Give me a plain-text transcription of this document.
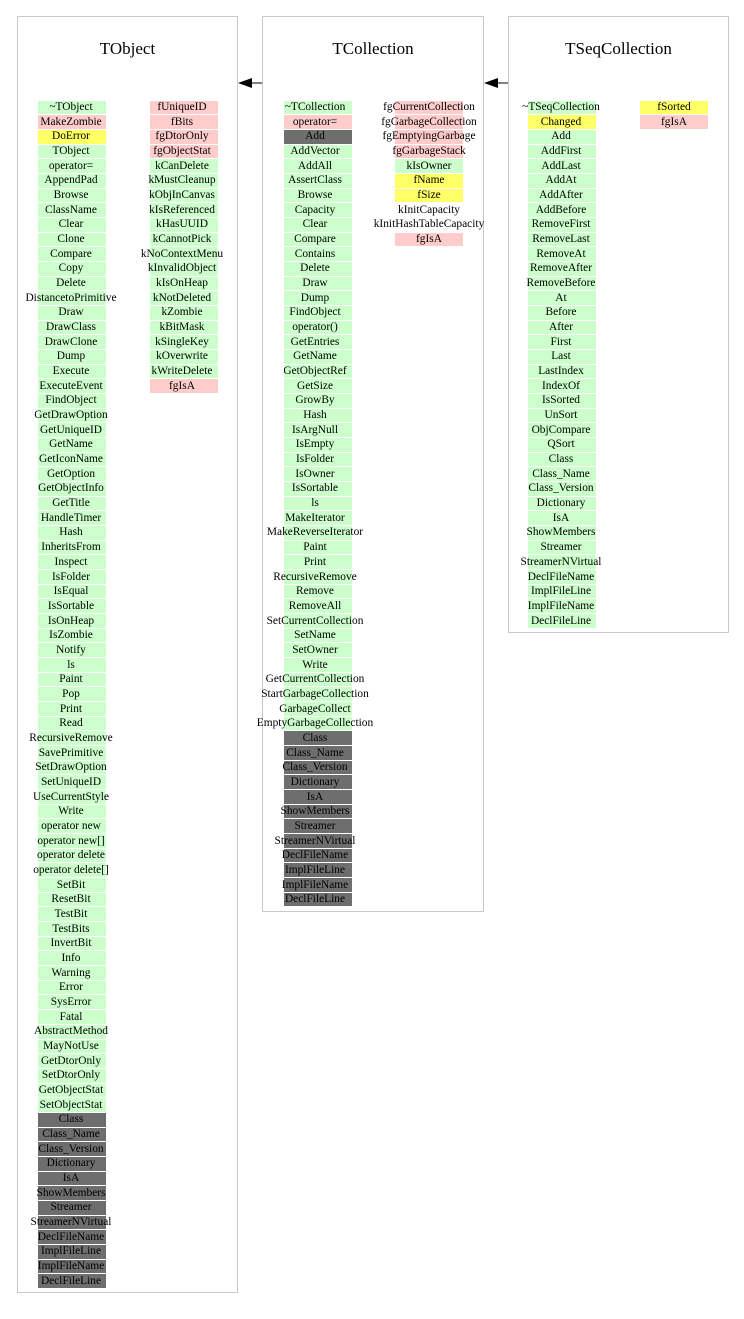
TObject
~TObject
MakeZombie
DoError
TObject
operator=
AppendPad
Browse
ClassName
Clear
Clone
Compare
Copy
Delete
DistancetoPrimitive
Draw
DrawClass
DrawClone
Dump
Execute
ExecuteEvent
FindObject
GetDrawOption
GetUniqueID
GetName
GetIconName
GetOption
GetObjectInfo
GetTitle
HandleTimer
Hash
InheritsFrom
Inspect
IsFolder
IsEqual
IsSortable
IsOnHeap
IsZombie
Notify
ls
Paint
Pop
Print
Read
RecursiveRemove
SavePrimitive
SetDrawOption
SetUniqueID
UseCurrentStyle
Write
operator new
operator new[]
operator delete
operator delete[]
SetBit
ResetBit
TestBit
TestBits
InvertBit
Info
Warning
Error
SysError
Fatal
AbstractMethod
MayNotUse
GetDtorOnly
SetDtorOnly
GetObjectStat
SetObjectStat
Class
Class_Name
Class_Version
Dictionary
IsA
ShowMembers
Streamer
StreamerNVirtual
DeclFileName
ImplFileLine
ImplFileName
DeclFileLine
fUniqueID
fBits
fgDtorOnly
fgObjectStat
kCanDelete
kMustCleanup
kObjInCanvas
kIsReferenced
kHasUUID
kCannotPick
kNoContextMenu
kInvalidObject
kIsOnHeap
kNotDeleted
kZombie
kBitMask
kSingleKey
kOverwrite
kWriteDelete
fgIsA
TCollection
~TCollection
operator=
Add
AddVector
AddAll
AssertClass
Browse
Capacity
Clear
Compare
Contains
Delete
Draw
Dump
FindObject
operator()
GetEntries
GetName
GetObjectRef
GetSize
GrowBy
Hash
IsArgNull
IsEmpty
IsFolder
IsOwner
IsSortable
ls
MakeIterator
MakeReverseIterator
Paint
Print
RecursiveRemove
Remove
RemoveAll
SetCurrentCollection
SetName
SetOwner
Write
GetCurrentCollection
StartGarbageCollection
GarbageCollect
EmptyGarbageCollection
Class
Class_Name
Class_Version
Dictionary
IsA
ShowMembers
Streamer
StreamerNVirtual
DeclFileName
ImplFileLine
ImplFileName
DeclFileLine
fgCurrentCollection
fgGarbageCollection
fgEmptyingGarbage
fgGarbageStack
kIsOwner
fName
fSize
kInitCapacity
kInitHashTableCapacity
fgIsA
TSeqCollection
~TSeqCollection
Changed
Add
AddFirst
AddLast
AddAt
AddAfter
AddBefore
RemoveFirst
RemoveLast
RemoveAt
RemoveAfter
RemoveBefore
At
Before
After
First
Last
LastIndex
IndexOf
IsSorted
UnSort
ObjCompare
QSort
Class
Class_Name
Class_Version
Dictionary
IsA
ShowMembers
Streamer
StreamerNVirtual
DeclFileName
ImplFileLine
ImplFileName
DeclFileLine
fSorted
fgIsA
